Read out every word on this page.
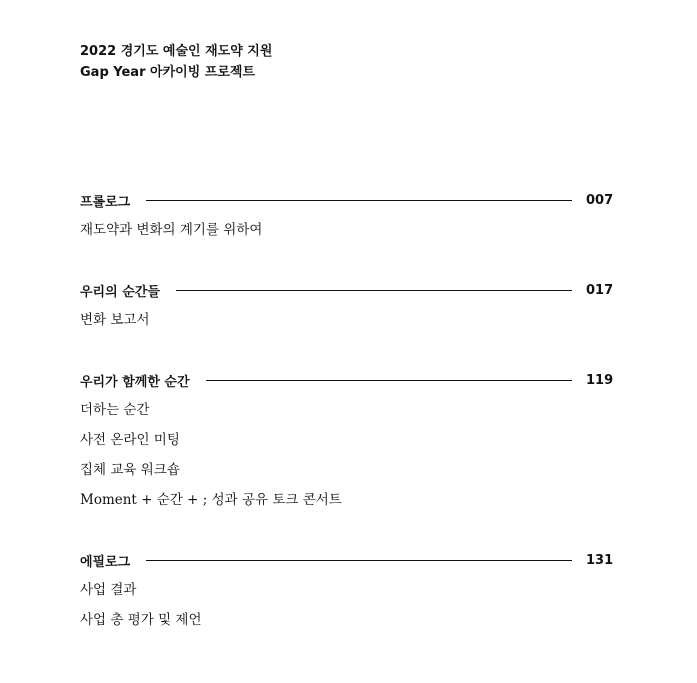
2022 경기도 예술인 재도약 지원
Gap Year 아카이빙 프로젝트
프롤로그	007
재도약과 변화의 계기를 위하여
우리의 순간들	017
변화 보고서
우리가 함께한 순간	119
더하는 순간
사전 온라인 미팅
집체 교육 워크숍
Moment + 순간 + ; 성과 공유 토크 콘서트
에필로그	131
사업 결과
사업 총 평가 및 제언
